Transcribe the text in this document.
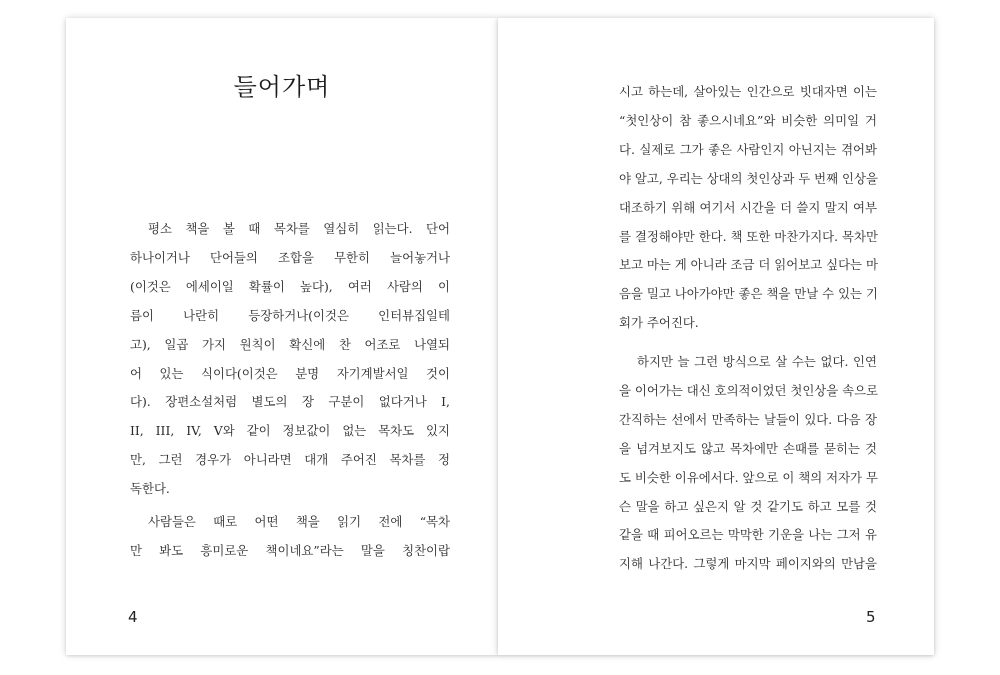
들어가며

평소 책을 볼 때 목차를 열심히 읽는다. 단어
하나이거나 단어들의 조합을 무한히 늘어놓거나
(이것은 에세이일 확률이 높다), 여러 사람의 이
름이 나란히 등장하거나(이것은 인터뷰집일테
고), 일곱 가지 원칙이 확신에 찬 어조로 나열되
어 있는 식이다(이것은 분명 자기계발서일 것이
다). 장편소설처럼 별도의 장 구분이 없다거나 I,
II, III, IV, V와 같이 정보값이 없는 목차도 있지
만, 그런 경우가 아니라면 대개 주어진 목차를 정
독한다.

사람들은 때로 어떤 책을 읽기 전에 “목차
만 봐도 흥미로운 책이네요”라는 말을 칭찬이랍

4

시고 하는데, 살아있는 인간으로 빗대자면 이는
“첫인상이 참 좋으시네요”와 비슷한 의미일 거
다. 실제로 그가 좋은 사람인지 아닌지는 겪어봐
야 알고, 우리는 상대의 첫인상과 두 번째 인상을
대조하기 위해 여기서 시간을 더 쓸지 말지 여부
를 결정해야만 한다. 책 또한 마찬가지다. 목차만
보고 마는 게 아니라 조금 더 읽어보고 싶다는 마
음을 밀고 나아가야만 좋은 책을 만날 수 있는 기
회가 주어진다.

하지만 늘 그런 방식으로 살 수는 없다. 인연
을 이어가는 대신 호의적이었던 첫인상을 속으로
간직하는 선에서 만족하는 날들이 있다. 다음 장
을 넘겨보지도 않고 목차에만 손때를 묻히는 것
도 비슷한 이유에서다. 앞으로 이 책의 저자가 무
슨 말을 하고 싶은지 알 것 같기도 하고 모를 것
같을 때 피어오르는 막막한 기운을 나는 그저 유
지해 나간다. 그렇게 마지막 페이지와의 만남을

5
